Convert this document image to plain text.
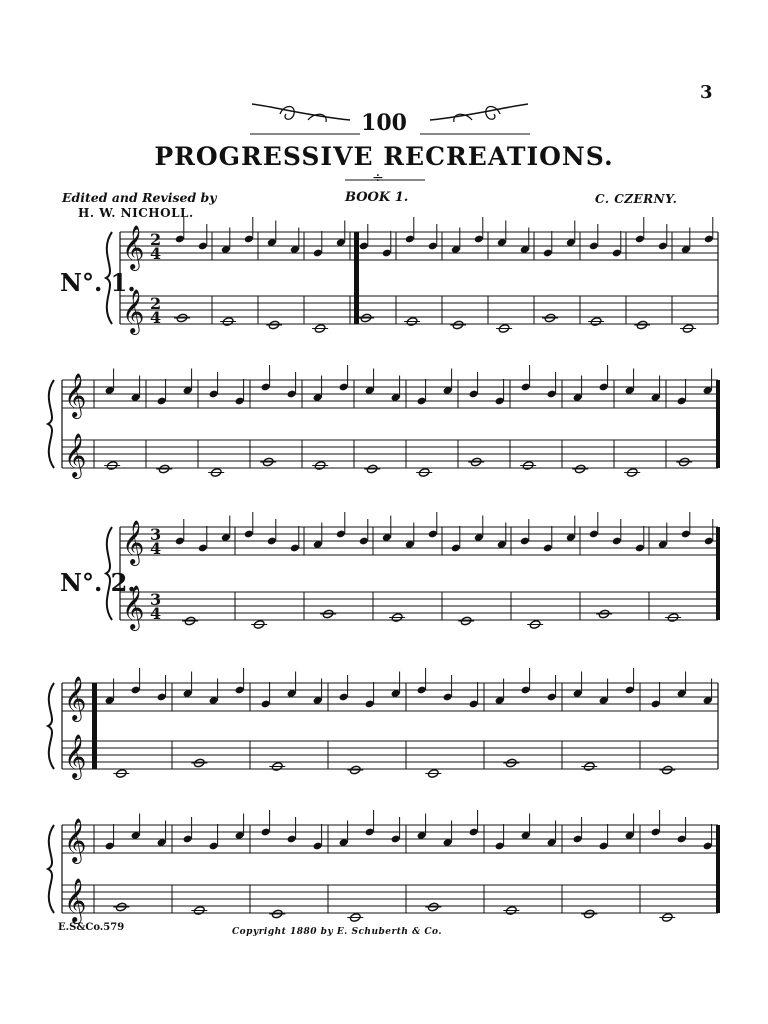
3
100
PROGRESSIVE RECREATIONS.
÷
Edited and Revised by
H. W. NICHOLL.
BOOK 1.	C. CZERNY.
N°. 1.
N°. 2.
𝄞
𝄞
2
4
2
4
𝄞
𝄞
𝄞
𝄞
3
4
3
4
𝄞
𝄞
𝄞
𝄞
E.S&Co.579	Copyright 1880 by E. Schuberth & Co.
